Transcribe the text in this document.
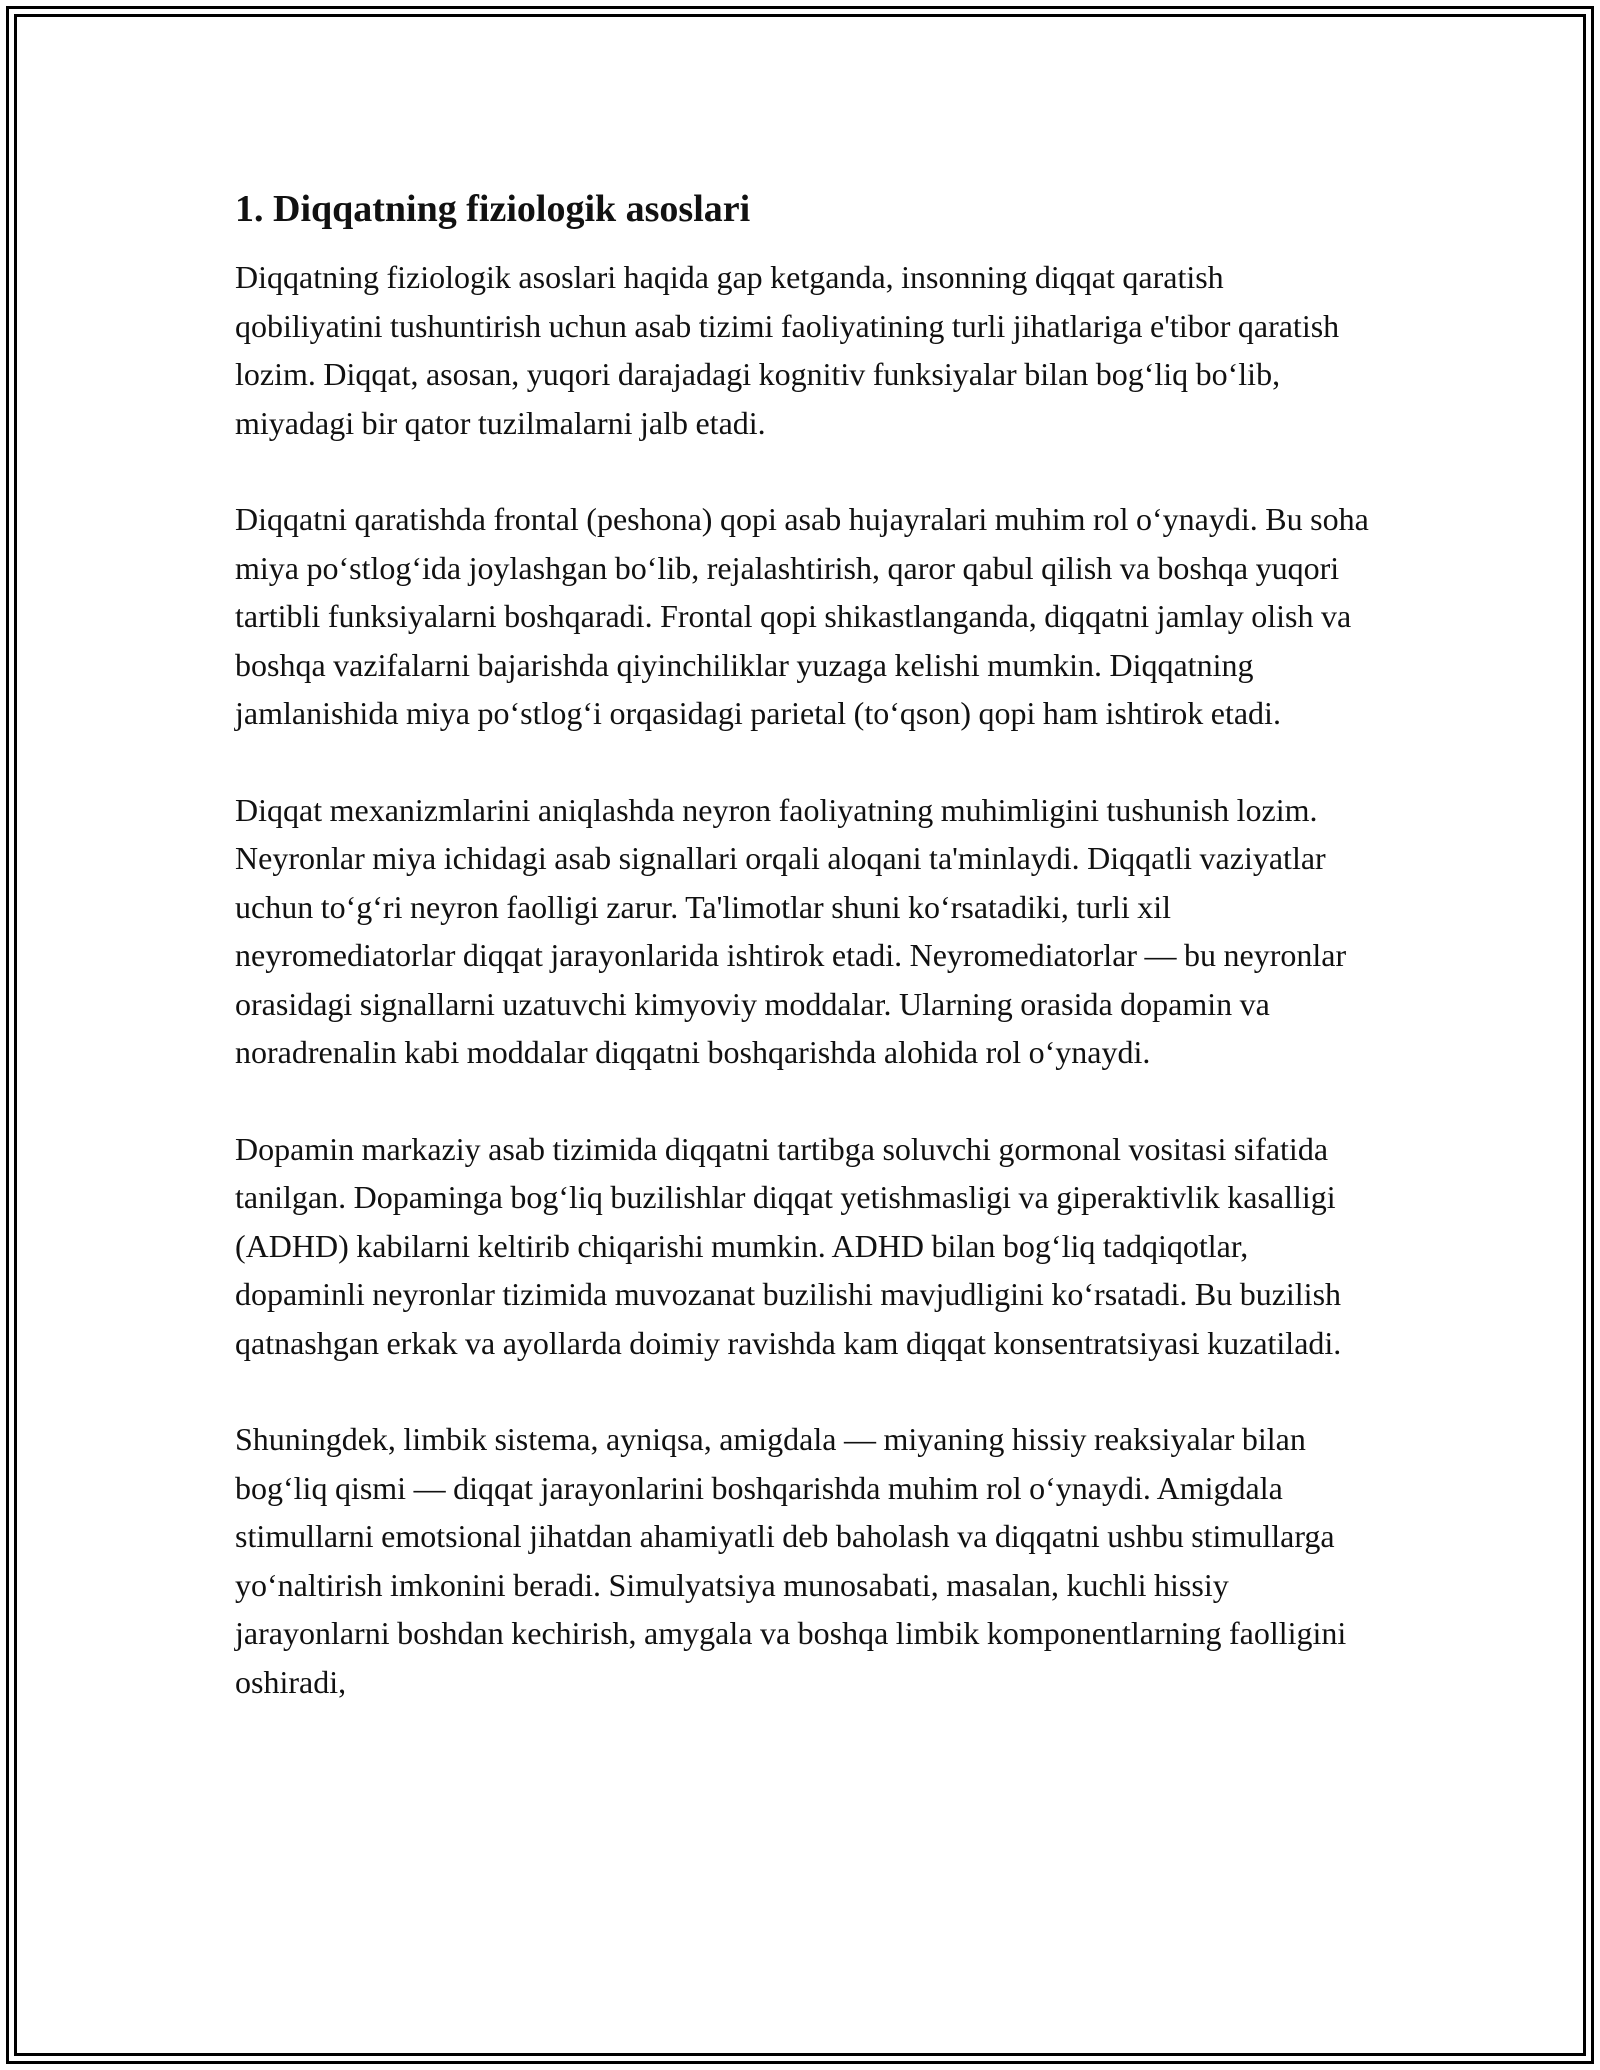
1. Diqqatning fiziologik asoslari

Diqqatning fiziologik asoslari haqida gap ketganda, insonning diqqat qaratish qobiliyatini tushuntirish uchun asab tizimi faoliyatining turli jihatlariga e'tibor qaratish lozim. Diqqat, asosan, yuqori darajadagi kognitiv funksiyalar bilan bog‘liq bo‘lib, miyadagi bir qator tuzilmalarni jalb etadi.

Diqqatni qaratishda frontal (peshona) qopi asab hujayralari muhim rol o‘ynaydi. Bu soha miya po‘stlog‘ida joylashgan bo‘lib, rejalashtirish, qaror qabul qilish va boshqa yuqori tartibli funksiyalarni boshqaradi. Frontal qopi shikastlanganda, diqqatni jamlay olish va boshqa vazifalarni bajarishda qiyinchiliklar yuzaga kelishi mumkin. Diqqatning jamlanishida miya po‘stlog‘i orqasidagi parietal (to‘qson) qopi ham ishtirok etadi.

Diqqat mexanizmlarini aniqlashda neyron faoliyatning muhimligini tushunish lozim. Neyronlar miya ichidagi asab signallari orqali aloqani ta'minlaydi. Diqqatli vaziyatlar uchun to‘g‘ri neyron faolligi zarur. Ta'limotlar shuni ko‘rsatadiki, turli xil neyromediatorlar diqqat jarayonlarida ishtirok etadi. Neyromediatorlar — bu neyronlar orasidagi signallarni uzatuvchi kimyoviy moddalar. Ularning orasida dopamin va noradrenalin kabi moddalar diqqatni boshqarishda alohida rol o‘ynaydi.

Dopamin markaziy asab tizimida diqqatni tartibga soluvchi gormonal vositasi sifatida tanilgan. Dopaminga bog‘liq buzilishlar diqqat yetishmasligi va giperaktivlik kasalligi (ADHD) kabilarni keltirib chiqarishi mumkin. ADHD bilan bog‘liq tadqiqotlar, dopaminli neyronlar tizimida muvozanat buzilishi mavjudligini ko‘rsatadi. Bu buzilish qatnashgan erkak va ayollarda doimiy ravishda kam diqqat konsentratsiyasi kuzatiladi.

Shuningdek, limbik sistema, ayniqsa, amigdala — miyaning hissiy reaksiyalar bilan bog‘liq qismi — diqqat jarayonlarini boshqarishda muhim rol o‘ynaydi. Amigdala stimullarni emotsional jihatdan ahamiyatli deb baholash va diqqatni ushbu stimullarga yo‘naltirish imkonini beradi. Simulyatsiya munosabati, masalan, kuchli hissiy jarayonlarni boshdan kechirish, amygala va boshqa limbik komponentlarning faolligini oshiradi,
